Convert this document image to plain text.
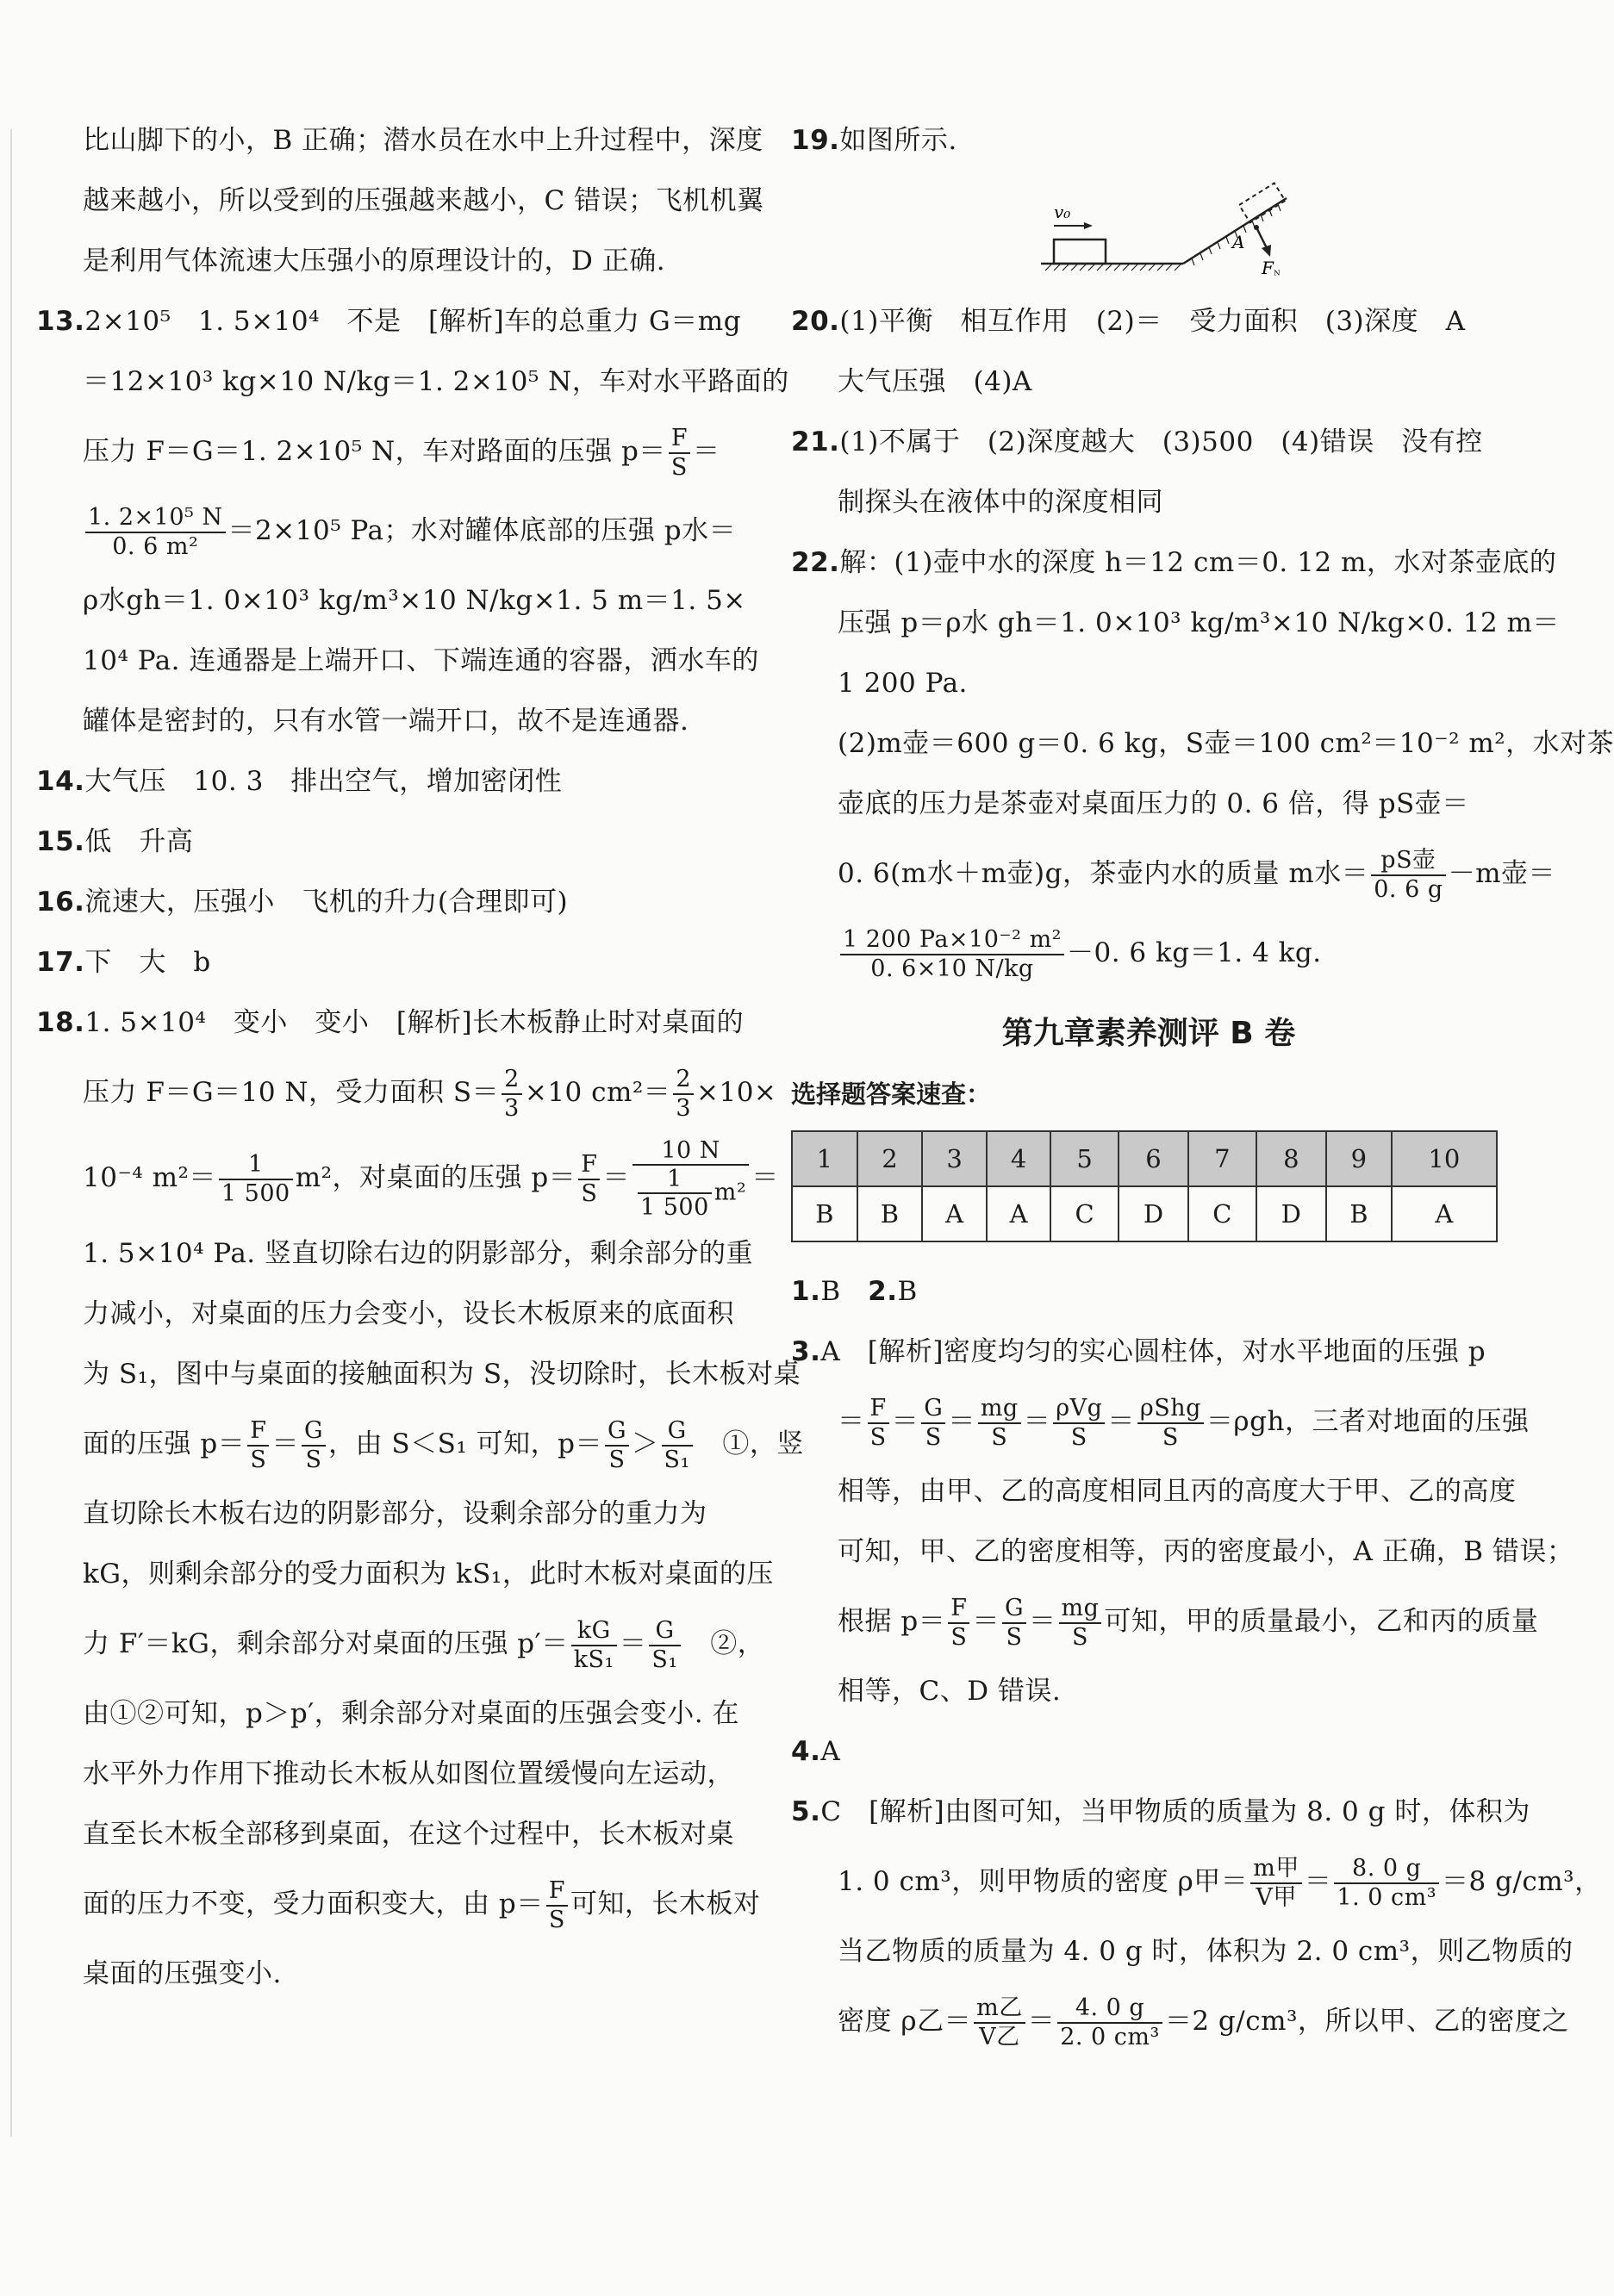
比山脚下的小，B 正确；潜水员在水中上升过程中，深度

越来越小，所以受到的压强越来越小，C 错误；飞机机翼

是利用气体流速大压强小的原理设计的，D 正确.

13.2×10⁵　1. 5×10⁴　不是　[解析]车的总重力 G＝mg

＝12×10³ kg×10 N/kg＝1. 2×10⁵ N，车对水平路面的

压力 F＝G＝1. 2×10⁵ N，车对路面的压强 $p= \frac{F}{S}$ ＝

$\frac{\text{1. 2×10⁵ N}}{\text{0. 6 m²}} =2\times 10^5$ Pa；水对罐体底部的压强 p水＝

ρ水gh＝1. 0×10³ kg/m³×10 N/kg×1. 5 m＝1. 5×

10⁴ Pa. 连通器是上端开口、下端连通的容器，洒水车的

罐体是密封的，只有水管一端开口，故不是连通器.

14.大气压　10. 3　排出空气，增加密闭性

15.低　升高

16.流速大，压强小　飞机的升力(合理即可)

17.下　大　b

18.1. 5×10⁴　变小　变小　[解析]长木板静止时对桌面的

压力 F＝G＝10 N，受力面积 $S= \frac{2}{3} \times 10$ $cm^2= \frac{2}{3} \times 10\times$

10⁻⁴ $m^2= \frac{1}{1 500} m^2$，对桌面的压强 $p= \frac{F}{S} = \frac{10 N}{\frac{1}{1 500} m^2}$ ＝

1. 5×10⁴ Pa. 竖直切除右边的阴影部分，剩余部分的重

力减小，对桌面的压力会变小，设长木板原来的底面积

为 S₁，图中与桌面的接触面积为 S，没切除时，长木板对桌

面的压强 $p= \frac{F}{S} = \frac{G}{S}$ ，由 S＜S₁ 可知，$p= \frac{G}{S} > \frac{G}{\text{S₁}}$ 　①，竖

直切除长木板右边的阴影部分，设剩余部分的重力为

kG，则剩余部分的受力面积为 kS₁，此时木板对桌面的压

力 F′＝kG，剩余部分对桌面的压强 $p'= \frac{kG}{\text{kS₁}} = \frac{G}{\text{S₁}}$ 　②，

由①②可知，p＞p′，剩余部分对桌面的压强会变小. 在

水平外力作用下推动长木板从如图位置缓慢向左运动，

直至长木板全部移到桌面，在这个过程中，长木板对桌

面的压力不变，受力面积变大，由 $p= \frac{F}{S}$ 可知，长木板对

桌面的压强变小.

19.如图所示.

v₀
A
F ᴺ

20.(1)平衡　相互作用　(2)＝　受力面积　(3)深度　A

大气压强　(4)A

21.(1)不属于　(2)深度越大　(3)500　(4)错误　没有控

制探头在液体中的深度相同

22.解：(1)壶中水的深度 h＝12 cm＝0. 12 m，水对茶壶底的

压强 p＝ρ水 gh＝1. 0×10³ kg/m³×10 N/kg×0. 12 m＝

1 200 Pa.

(2)m壶＝600 g＝0. 6 kg，S壶＝100 cm²＝10⁻² m²，水对茶

壶底的压力是茶壶对桌面压力的 0. 6 倍，得 pS壶＝

0. 6(m水＋m壶)g，茶壶内水的质量 m水＝ $\frac{\text{pS壶}}{0. 6 g} -m$壶＝

$\frac{\text{1 200 Pa×10⁻² m²}}{0. 6\times 10 N/kg} -0$. 6 kg＝1. 4 kg.

第九章素养测评 B 卷

选择题答案速查：

1	2	3	4	5	6	7	8	9	10
B	B	A	A	C	D	C	D	B	A

1.B　 2.B

3.A　[解析]密度均匀的实心圆柱体，对水平地面的压强 p

＝ $\frac{F}{S} = \frac{G}{S} = \frac{mg}{S} = \frac{\text{ρVg}}{S} = \frac{\text{ρShg}}{S} =\rho gh$，三者对地面的压强

相等，由甲、乙的高度相同且丙的高度大于甲、乙的高度

可知，甲、乙的密度相等，丙的密度最小，A 正确，B 错误；

根据 $p= \frac{F}{S} = \frac{G}{S} = \frac{mg}{S}$ 可知，甲的质量最小，乙和丙的质量

相等，C、D 错误.

4.A

5.C　[解析]由图可知，当甲物质的质量为 8. 0 g 时，体积为

1. 0 cm³，则甲物质的密度 ρ甲＝ $\frac{\text{m甲}}{\text{V甲}} = \frac{8. 0 g}{\text{1. 0 cm³}} =8$ g/cm³，

当乙物质的质量为 4. 0 g 时，体积为 2. 0 cm³，则乙物质的

密度 ρ乙＝ $\frac{\text{m乙}}{\text{V乙}} = \frac{4. 0 g}{\text{2. 0 cm³}} =2$ g/cm³，所以甲、乙的密度之
